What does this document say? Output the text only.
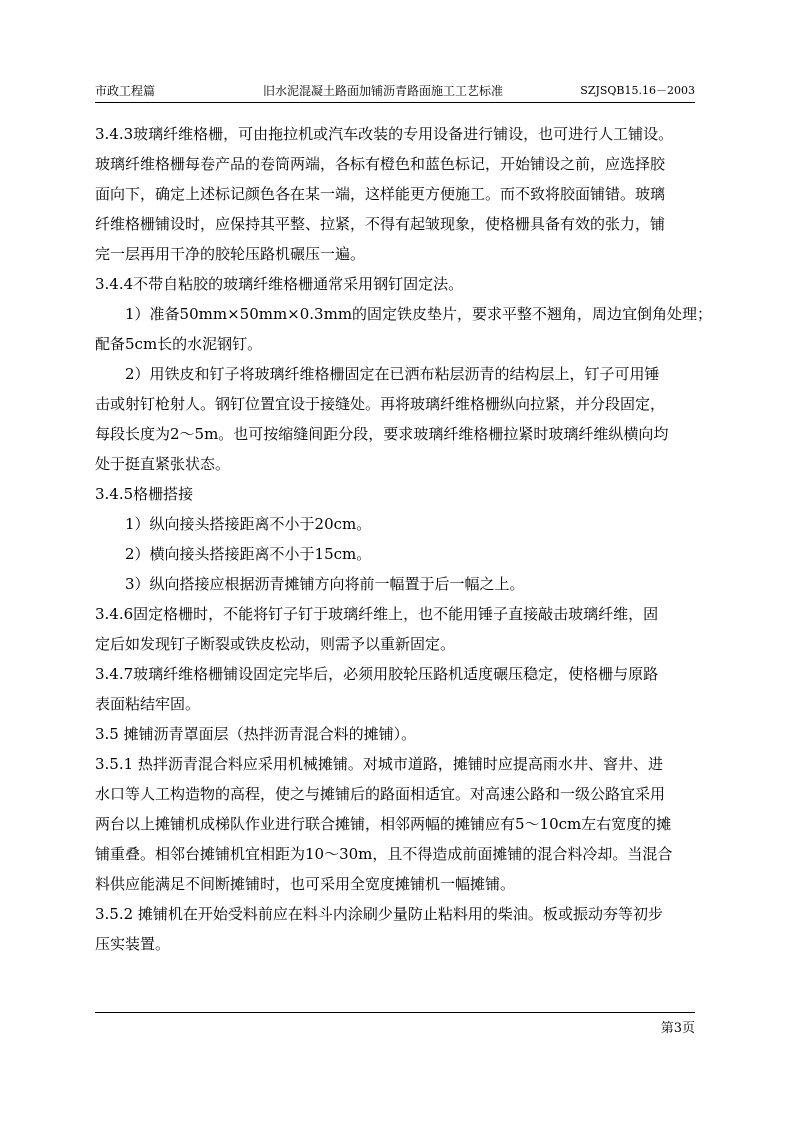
市政工程篇	旧水泥混凝土路面加铺沥青路面施工工艺标准	SZJSQB15.16－2003
3.4.3玻璃纤维格栅，可由拖拉机或汽车改装的专用设备进行铺设，也可进行人工铺设。
玻璃纤维格栅每卷产品的卷筒两端，各标有橙色和蓝色标记，开始铺设之前，应选择胶
面向下，确定上述标记颜色各在某一端，这样能更方便施工。而不致将胶面铺错。玻璃
纤维格栅铺设时，应保持其平整、拉紧，不得有起皱现象，使格栅具备有效的张力，铺
完一层再用干净的胶轮压路机碾压一遍。
3.4.4不带自粘胶的玻璃纤维格栅通常采用钢钉固定法。
1）准备50mm×50mm×0.3mm的固定铁皮垫片，要求平整不翘角，周边宜倒角处理；
配备5cm长的水泥钢钉。
2）用铁皮和钉子将玻璃纤维格栅固定在已洒布粘层沥青的结构层上，钉子可用锤
击或射钉枪射人。钢钉位置宜设于接缝处。再将玻璃纤维格栅纵向拉紧，并分段固定，
每段长度为2～5m。也可按缩缝间距分段，要求玻璃纤维格栅拉紧时玻璃纤维纵横向均
处于挺直紧张状态。
3.4.5格栅搭接
1）纵向接头搭接距离不小于20cm。
2）横向接头搭接距离不小于15cm。
3）纵向搭接应根据沥青摊铺方向将前一幅置于后一幅之上。
3.4.6固定格栅时，不能将钉子钉于玻璃纤维上，也不能用锤子直接敲击玻璃纤维，固
定后如发现钉子断裂或铁皮松动，则需予以重新固定。
3.4.7玻璃纤维格栅铺设固定完毕后，必须用胶轮压路机适度碾压稳定，使格栅与原路
表面粘结牢固。
3.5 摊铺沥青罩面层（热拌沥青混合料的摊铺）。
3.5.1 热拌沥青混合料应采用机械摊铺。对城市道路，摊铺时应提高雨水井、窨井、进
水口等人工构造物的高程，使之与摊铺后的路面相适宜。对高速公路和一级公路宜采用
两台以上摊铺机成梯队作业进行联合摊铺，相邻两幅的摊铺应有5～10cm左右宽度的摊
铺重叠。相邻台摊铺机宜相距为10～30m，且不得造成前面摊铺的混合料冷却。当混合
料供应能满足不间断摊铺时，也可采用全宽度摊铺机一幅摊铺。
3.5.2 摊铺机在开始受料前应在料斗内涂刷少量防止粘料用的柴油。板或振动夯等初步
压实装置。
第3页
